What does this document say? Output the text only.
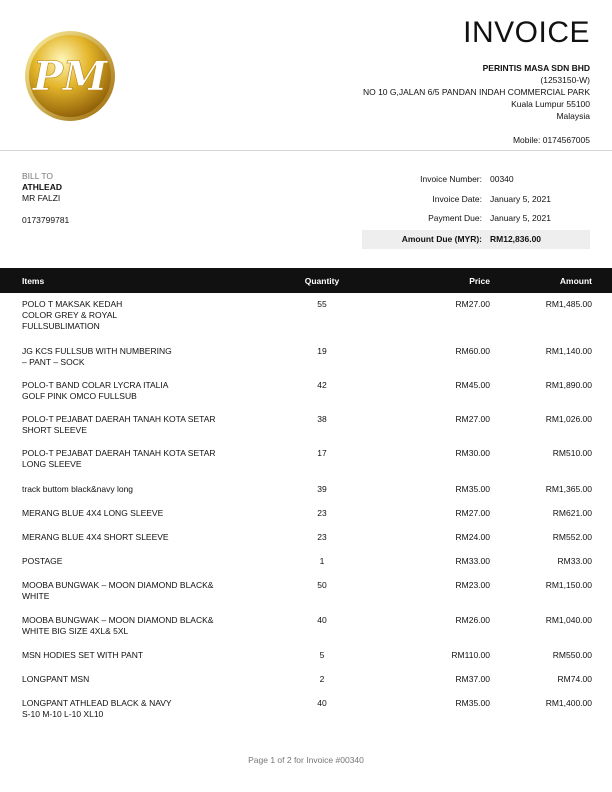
PM
INVOICE
PERINTIS MASA SDN BHD
(1253150-W)
NO 10 G,JALAN 6/5 PANDAN INDAH COMMERCIAL PARK
Kuala Lumpur 55100
Malaysia
Mobile: 0174567005
BILL TO
ATHLEAD
MR FALZI
0173799781
Invoice Number: 00340
Invoice Date: January 5, 2021
Payment Due: January 5, 2021
Amount Due (MYR): RM12,836.00
Items	Quantity	Price	Amount
POLO T MAKSAK KEDAH
COLOR GREY & ROYAL
FULLSUBLIMATION
55	RM27.00	RM1,485.00
JG KCS FULLSUB WITH NUMBERING
– PANT – SOCK
19	RM60.00	RM1,140.00
POLO-T BAND COLAR LYCRA ITALIA
GOLF PINK OMCO FULLSUB
42	RM45.00	RM1,890.00
POLO-T PEJABAT DAERAH TANAH KOTA SETAR
SHORT SLEEVE
38	RM27.00	RM1,026.00
POLO-T PEJABAT DAERAH TANAH KOTA SETAR
LONG SLEEVE
17	RM30.00	RM510.00
track buttom black&navy long	39	RM35.00	RM1,365.00
MERANG BLUE 4X4 LONG SLEEVE	23	RM27.00	RM621.00
MERANG BLUE 4X4 SHORT SLEEVE	23	RM24.00	RM552.00
POSTAGE	1	RM33.00	RM33.00
MOOBA BUNGWAK – MOON DIAMOND BLACK&
WHITE
50	RM23.00	RM1,150.00
MOOBA BUNGWAK – MOON DIAMOND BLACK&
WHITE BIG SIZE 4XL& 5XL
40	RM26.00	RM1,040.00
MSN HODIES SET WITH PANT	5	RM110.00	RM550.00
LONGPANT MSN	2	RM37.00	RM74.00
LONGPANT ATHLEAD BLACK & NAVY
S-10 M-10 L-10 XL10
40	RM35.00	RM1,400.00
Page 1 of 2 for Invoice #00340
